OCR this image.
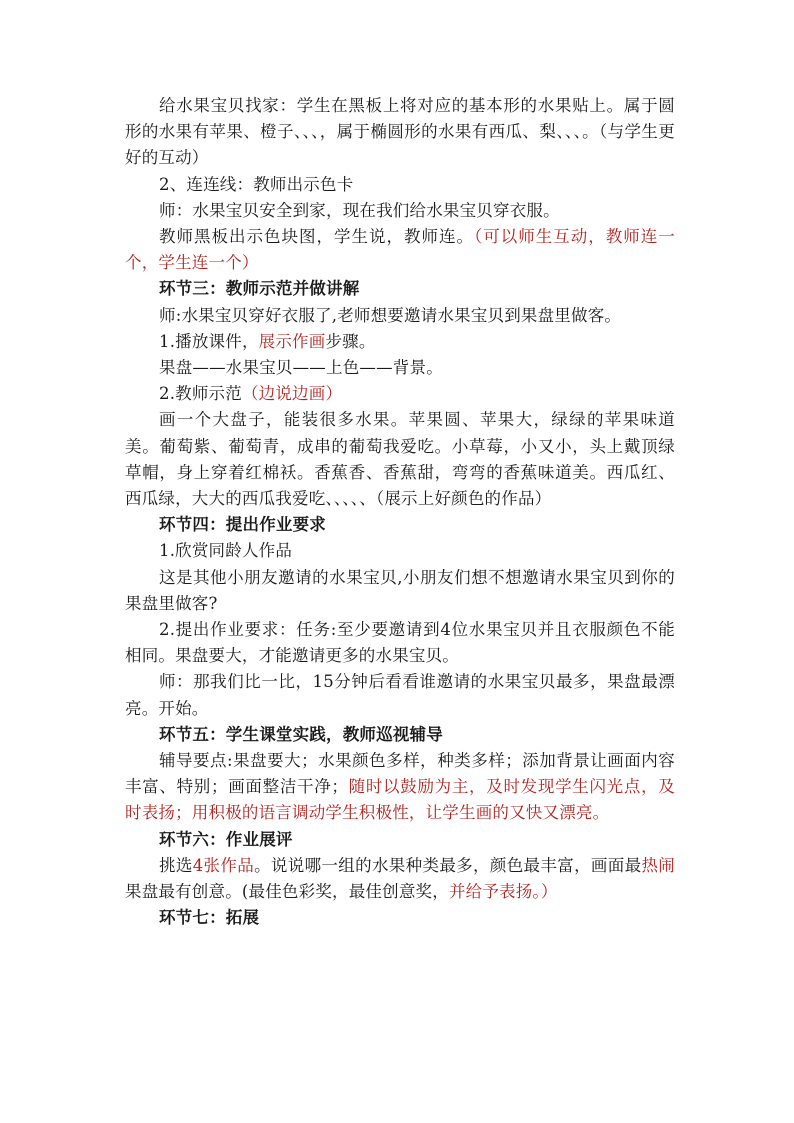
给水果宝贝找家：学生在黑板上将对应的基本形的水果贴上。属于圆形的水果有苹果、橙子、、、，属于椭圆形的水果有西瓜、梨、、、。（与学生更好的互动）

2、连连线：教师出示色卡

师：水果宝贝安全到家，现在我们给水果宝贝穿衣服。

教师黑板出示色块图，学生说，教师连。（可以师生互动，教师连一个，学生连一个）

环节三：教师示范并做讲解

师:水果宝贝穿好衣服了,老师想要邀请水果宝贝到果盘里做客。

1.播放课件，展示作画步骤。

果盘——水果宝贝——上色——背景。

2.教师示范（边说边画）

画一个大盘子，能装很多水果。苹果圆、苹果大，绿绿的苹果味道美。葡萄紫、葡萄青，成串的葡萄我爱吃。小草莓，小又小，头上戴顶绿草帽，身上穿着红棉袄。香蕉香、香蕉甜，弯弯的香蕉味道美。西瓜红、西瓜绿，大大的西瓜我爱吃、、、、、（展示上好颜色的作品）

环节四：提出作业要求

1.欣赏同龄人作品

这是其他小朋友邀请的水果宝贝,小朋友们想不想邀请水果宝贝到你的果盘里做客?

2.提出作业要求：任务:至少要邀请到4位水果宝贝并且衣服颜色不能相同。果盘要大，才能邀请更多的水果宝贝。

师：那我们比一比，15分钟后看看谁邀请的水果宝贝最多，果盘最漂亮。开始。

环节五：学生课堂实践，教师巡视辅导

辅导要点:果盘要大；水果颜色多样，种类多样；添加背景让画面内容丰富、特别；画面整洁干净；随时以鼓励为主，及时发现学生闪光点，及时表扬；用积极的语言调动学生积极性，让学生画的又快又漂亮。

环节六：作业展评

挑选4张作品。说说哪一组的水果种类最多，颜色最丰富，画面最热闹果盘最有创意。(最佳色彩奖，最佳创意奖，并给予表扬。）

环节七：拓展
